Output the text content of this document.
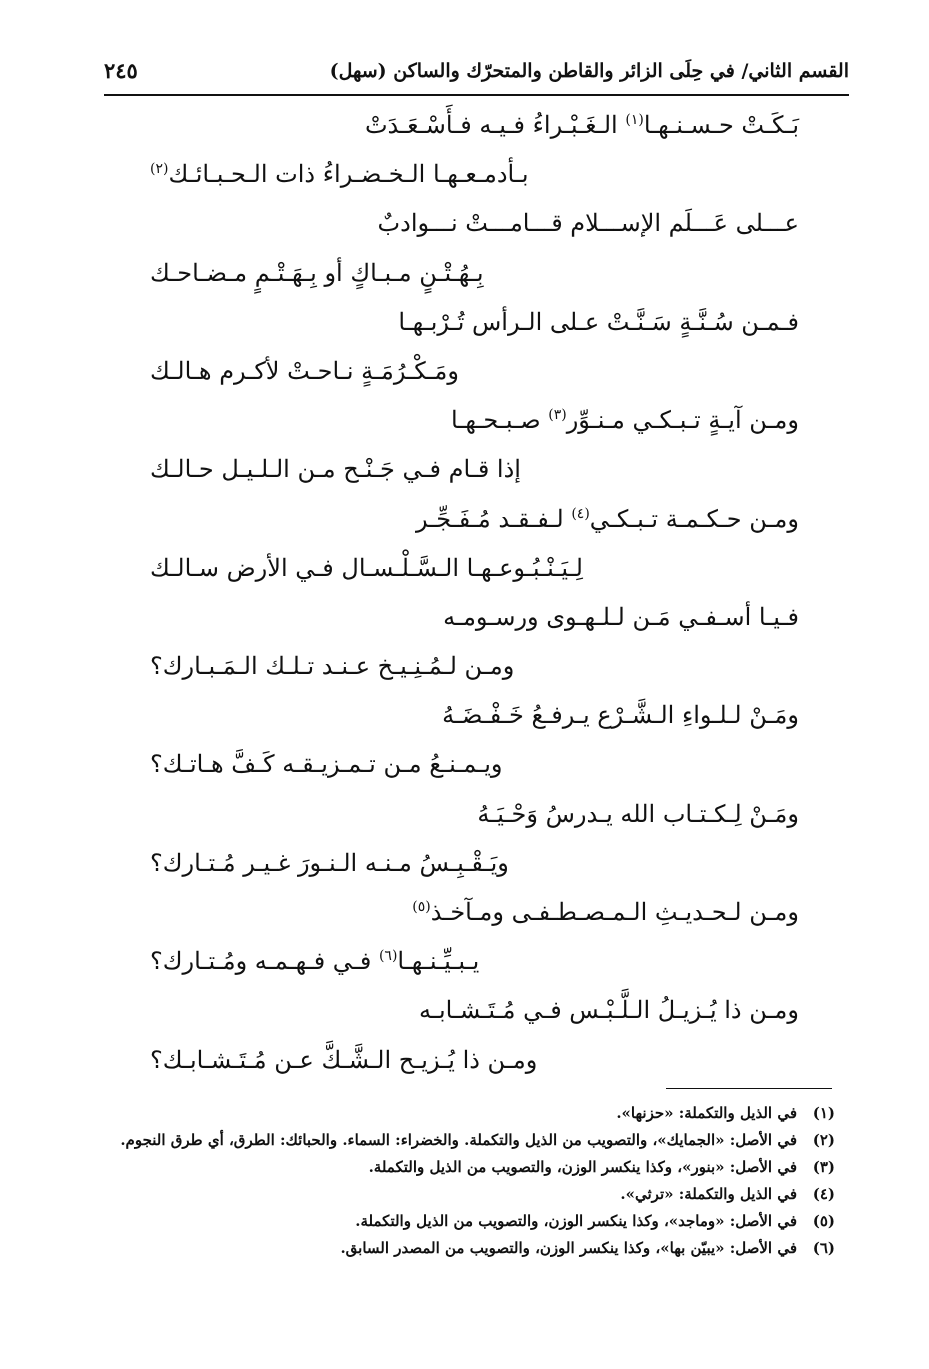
القسم الثاني/ في حِلَى الزائر والقاطن والمتحرّك والساكن (سهل)
٢٤٥
بَـكَـتْ حـسـنـهـا$^{(١)}$ الـغَـبْـراءُ فـيـه فـأَسْـعَـدَتْ
بـأدمـعـهـا الـخـضـراءُ ذات الـحـبـائـك$^{(٢)}$
عـــلى عَـــلَم الإســـلام قـــامـــتْ نـــوادبٌ
بِـهُـتْـنٍ مـبـاكٍ أو بِـهَـتْـمٍ مـضـاحـك
فـمـن سُـنَّـةٍ سَـنَّـتْ عـلى الـرأس تُـرْبـهـا
ومَـكْـرُمَـةٍ نـاحـتْ لأكـرم هـالـك
ومـن آيـةٍ تـبـكـي مـنـوِّر$^{(٣)}$ صـبـحـهـا
إذا قـام فـي جَـنْـح مـن الـلـيـل حـالـك
ومـن حـكـمـة تـبـكـي$^{(٤)}$ لـفـقـد مُـفَـجِّـر
لِـيَـنْـبُـوعـهـا الـسَّـلْـسـال فـي الأرض سـالـك
فـيـا أسـفـي مَـن لـلـهـوى ورسـومـه
ومـن لـمُـنِـيـخ عـنـد تـلـك الـمَـبـارك؟
ومَـنْ لـلـواءِ الـشَّـرْع يـرفـعُ خَـفْـضَـهُ
ويـمـنـعُ مـن تـمـزيـقـه كَـفَّ هـاتـك؟
ومَـنْ لِـكـتـاب الله يـدرسُ وَحْـيَـهُ
ويَـقْـبِـسُ مـنـه الـنـورَ غـيـر مُـتـارك؟
ومـن لـحـديـثِ الـمـصـطـفـى ومـآخـذ$^{(٥)}$
يـبـيِّـنـهـا$^{(٦)}$ فـي فـهـمـه ومُـتـارك؟
ومـن ذا يُـزيـلُ الـلَّـبْـس فـي مُـتَـشـابـه
ومـن ذا يُـزيـح الـشَّـكَّ عـن مُـتَـشـابـك؟
(١)
في الذيل والتكملة: «حزنها».
(٢)
في الأصل: «الجمايك»، والتصويب من الذيل والتكملة. والخضراء: السماء. والحبائك: الطرق، أي طرق النجوم.
(٣)
في الأصل: «بنور»، وكذا ينكسر الوزن، والتصويب من الذيل والتكملة.
(٤)
في الذيل والتكملة: «ترثي».
(٥)
في الأصل: «وماجد»، وكذا ينكسر الوزن، والتصويب من الذيل والتكملة.
(٦)
في الأصل: «يبيّن بها»، وكذا ينكسر الوزن، والتصويب من المصدر السابق.
